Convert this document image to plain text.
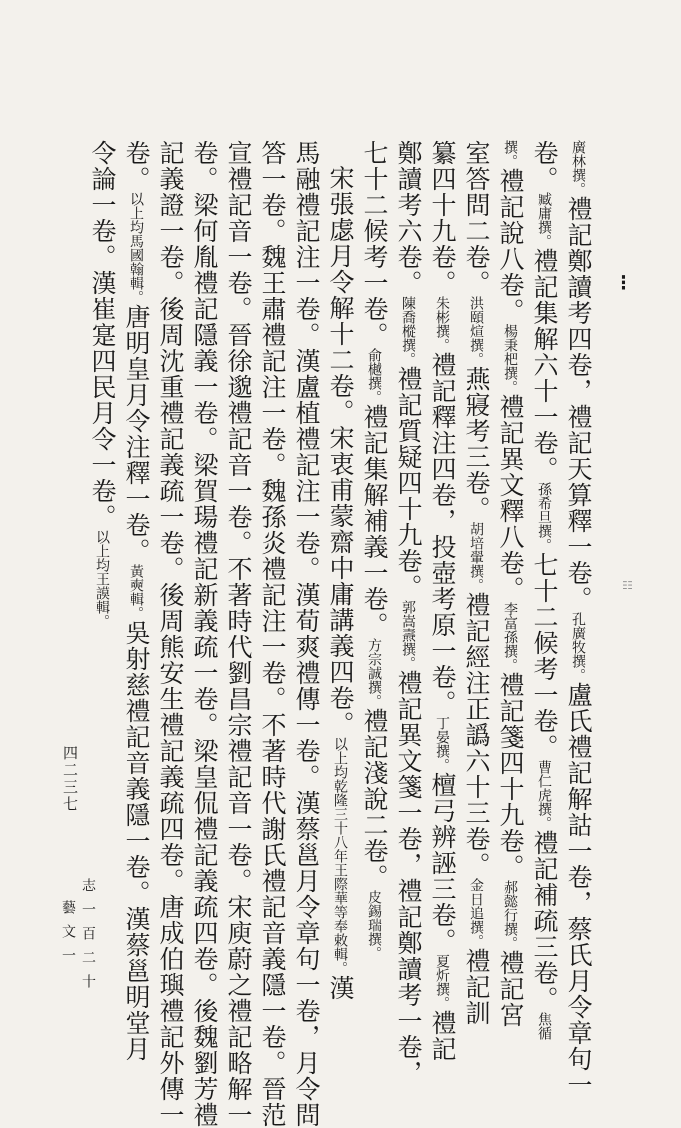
⁝
¦¦¦
廣林撰。禮記鄭讀考四卷，禮記天算釋一卷。孔廣牧撰。盧氏禮記解詁一卷，蔡氏月令章句一
卷。臧庸撰。禮記集解六十一卷。孫希旦撰。七十二候考一卷。曹仁虎撰。禮記補疏三卷。焦循
撰。禮記說八卷。楊秉杷撰。禮記異文釋八卷。李富孫撰。禮記箋四十九卷。郝懿行撰。禮記宮
室答問二卷。洪頤煊撰。燕寢考三卷。胡培翬撰。禮記經注正譌六十三卷。金日追撰。禮記訓
纂四十九卷。朱彬撰。禮記釋注四卷，投壺考原一卷。丁晏撰。檀弓辨誣三卷。夏炘撰。禮記
鄭讀考六卷。陳喬樅撰。禮記質疑四十九卷。郭嵩燾撰。禮記異文箋一卷，禮記鄭讀考一卷，
七十二候考一卷。俞樾撰。禮記集解補義一卷。方宗誠撰。禮記淺說二卷。皮錫瑞撰。
宋張虙月令解十二卷。宋衷甫蒙齋中庸講義四卷。以上均乾隆三十八年王際華等奉敕輯。漢
馬融禮記注一卷。漢盧植禮記注一卷。漢荀爽禮傳一卷。漢蔡邕月令章句一卷，月令問
答一卷。魏王肅禮記注一卷。魏孫炎禮記注一卷。不著時代謝氏禮記音義隱一卷。晉范
宣禮記音一卷。晉徐邈禮記音一卷。不著時代劉昌宗禮記音一卷。宋庾蔚之禮記略解一
卷。梁何胤禮記隱義一卷。梁賀瑒禮記新義疏一卷。梁皇侃禮記義疏四卷。後魏劉芳禮
記義證一卷。後周沈重禮記義疏一卷。後周熊安生禮記義疏四卷。唐成伯璵禮記外傳一
卷。以上均馬國翰輯。唐明皇月令注釋一卷。黃奭輯。吳射慈禮記音義隱一卷。漢蔡邕明堂月
令論一卷。漢崔寔四民月令一卷。以上均王謨輯。
四二三七
志一百二十藝文一
